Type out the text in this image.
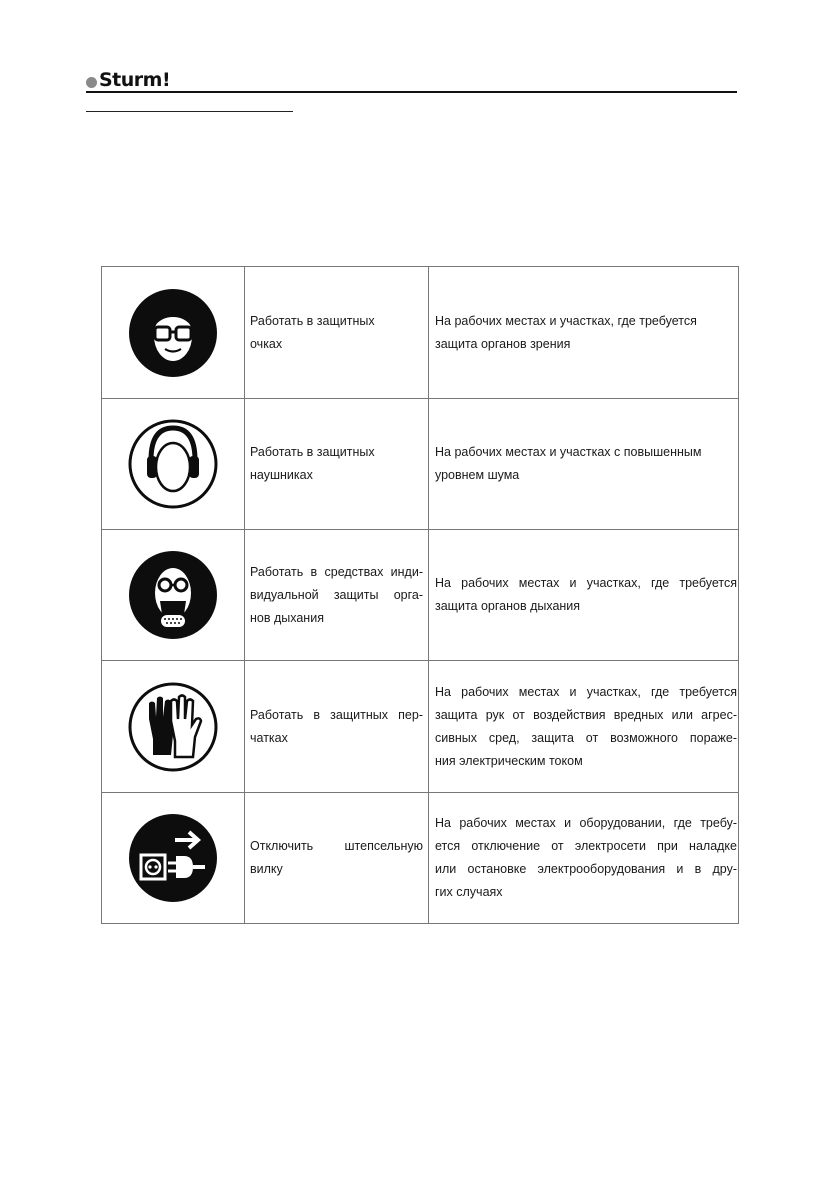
Sturm!

Работать в защитных
очках	На рабочих местах и участках, где требуется
защита органов зрения

Работать в защитных
наушниках	На рабочих местах и участках с повышенным
уровнем шума

Работать в средствах инди-
видуальной защиты орга-
нов дыхания	На рабочих местах и участках, где требуется
защита органов дыхания

Работать в защитных пер-
чатках	На рабочих местах и участках, где требуется
защита рук от воздействия вредных или агрес-
сивных сред, защита от возможного пораже-
ния электрическим током

Отключить штепсельную
вилку	На рабочих местах и оборудовании, где требу-
ется отключение от электросети при наладке
или остановке электрооборудования и в дру-
гих случаях
